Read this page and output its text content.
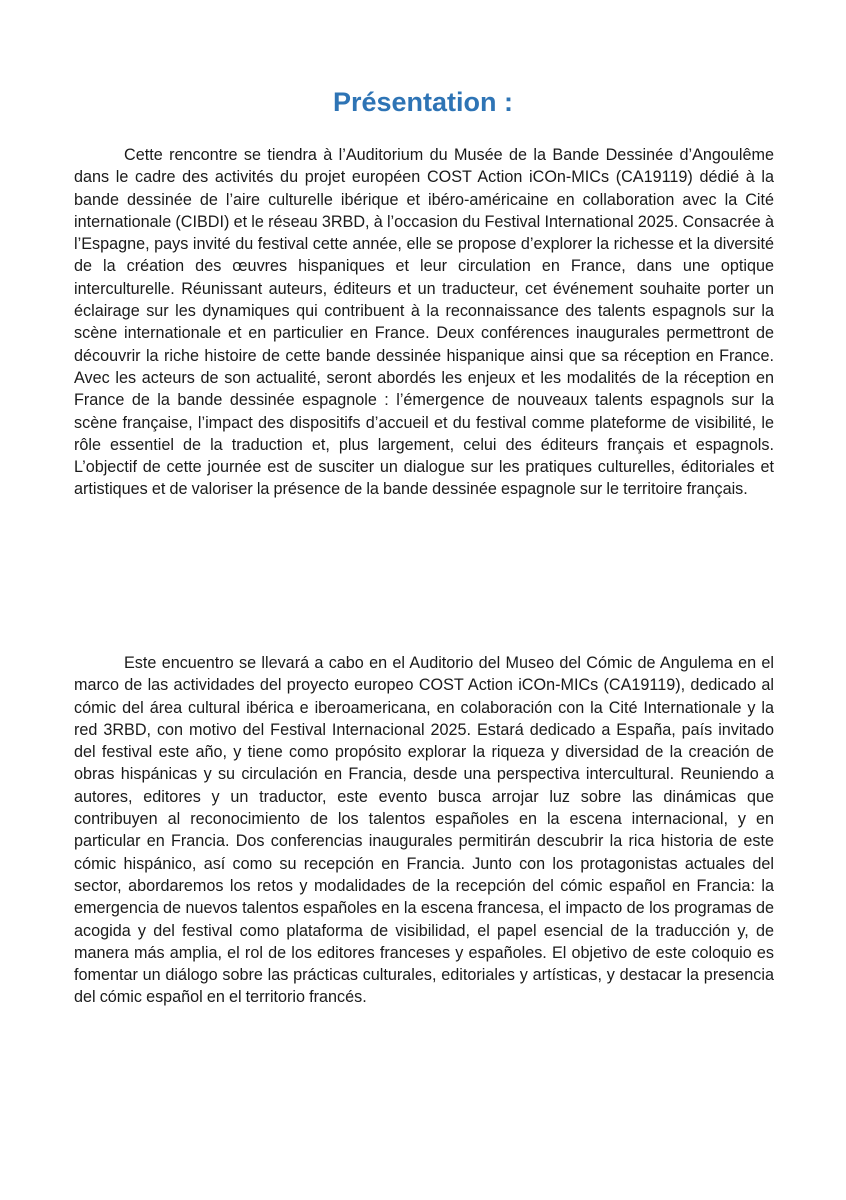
Présentation :

Cette rencontre se tiendra à l’Auditorium du Musée de la Bande Dessinée d’Angoulême dans le cadre des activités du projet européen COST Action iCOn-MICs (CA19119) dédié à la bande dessinée de l’aire culturelle ibérique et ibéro-américaine en collaboration avec la Cité internationale (CIBDI) et le réseau 3RBD, à l’occasion du Festival International 2025. Consacrée à l’Espagne, pays invité du festival cette année, elle se propose d’explorer la richesse et la diversité de la création des œuvres hispaniques et leur circulation en France, dans une optique interculturelle. Réunissant auteurs, éditeurs et un traducteur, cet événement souhaite porter un éclairage sur les dynamiques qui contribuent à la reconnaissance des talents espagnols sur la scène internationale et en particulier en France. Deux conférences inaugurales permettront de découvrir la riche histoire de cette bande dessinée hispanique ainsi que sa réception en France. Avec les acteurs de son actualité, seront abordés les enjeux et les modalités de la réception en France de la bande dessinée espagnole : l’émergence de nouveaux talents espagnols sur la scène française, l’impact des dispositifs d’accueil et du festival comme plateforme de visibilité, le rôle essentiel de la traduction et, plus largement, celui des éditeurs français et espagnols. L’objectif de cette journée est de susciter un dialogue sur les pratiques culturelles, éditoriales et artistiques et de valoriser la présence de la bande dessinée espagnole sur le territoire français.

Este encuentro se llevará a cabo en el Auditorio del Museo del Cómic de Angulema en el marco de las actividades del proyecto europeo COST Action iCOn-MICs (CA19119), dedicado al cómic del área cultural ibérica e iberoamericana, en colaboración con la Cité Internationale y la red 3RBD, con motivo del Festival Internacional 2025. Estará dedicado a España, país invitado del festival este año, y tiene como propósito explorar la riqueza y diversidad de la creación de obras hispánicas y su circulación en Francia, desde una perspectiva intercultural. Reuniendo a autores, editores y un traductor, este evento busca arrojar luz sobre las dinámicas que contribuyen al reconocimiento de los talentos españoles en la escena internacional, y en particular en Francia. Dos conferencias inaugurales permitirán descubrir la rica historia de este cómic hispánico, así como su recepción en Francia. Junto con los protagonistas actuales del sector, abordaremos los retos y modalidades de la recepción del cómic español en Francia: la emergencia de nuevos talentos españoles en la escena francesa, el impacto de los programas de acogida y del festival como plataforma de visibilidad, el papel esencial de la traducción y, de manera más amplia, el rol de los editores franceses y españoles. El objetivo de este coloquio es fomentar un diálogo sobre las prácticas culturales, editoriales y artísticas, y destacar la presencia del cómic español en el territorio francés.
